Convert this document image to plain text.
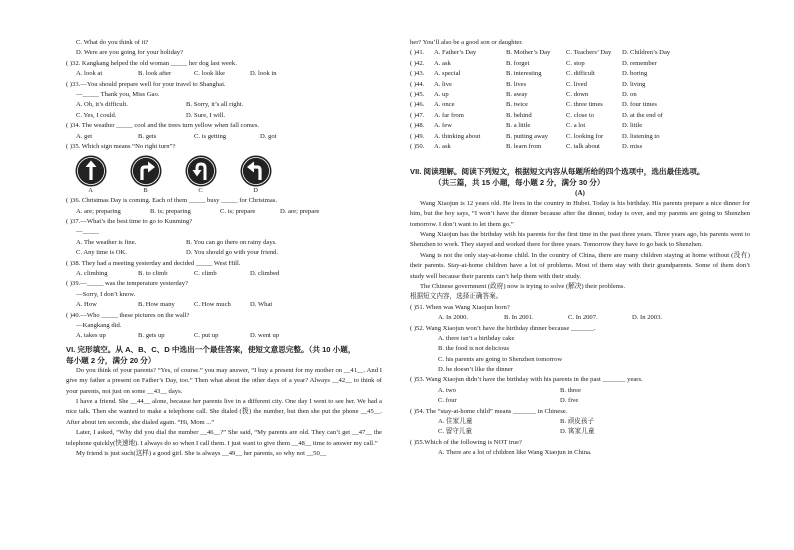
C. What do you think of it?
D. Were are you going for your holiday?
( )32. Kangkang helped the old woman _____ her dog last week.
A. look at	B. look after	C. look like	D. look in
( )33.—You should prepare well for your travel to Shanghai.
—_____ Thank you, Miss Gao.
A. Oh, it’s difficult.	B. Sorry, it’s all right.
C. Yes, I could.	D. Sure, I will.
( )34. The weather _____ cool and the trees turn yellow when fall comes.
A. get	B. gets	C. is getting	D. got
( )35. Which sign means “No right turn”?
A	B	C	D
( )36. Christmas Day is coming. Each of them _____ busy _____ for Christmas.
A. are; preparing	B. is; preparing	C. is; prepare	D. are; prepare
( )37.—What’s the best time to go to Kunming?
—_____
A. The weather is fine.	B. You can go there on rainy days.
C. Any time is OK.	D. You should go with your friend.
( )38. They had a meeting yesterday and decided _____ West Hill.
A. climbing	B. to climb	C. climb	D. climbed
( )39.—_____ was the temperature yesterday?
—Sorry, I don’t know.
A. How	B. How many	C. How much	D. What
( )40.—Who _____ these pictures on the wall?
—Kangkang did.
A. takes up	B. gets up	C. put up	D. went up
VI. 完形填空。从 A、B、C、D 中选出一个最佳答案，使短文意思完整。（共 10 小题，
每小题 2 分，满分 20 分）
Do you think of your parents? “Yes, of course.” you may answer, “I buy a present for my mother on __41__. And I give my father a present on Father’s Day, too.” Then what about the other days of a year? Always __42__ to think of your parents, not just on some __43__ days.
I have a friend. She __44__ alone, because her parents live in a different city. One day I went to see her. We had a nice talk. Then she wanted to make a telephone call. She dialed (拨) the number, but then she put the phone __45__. After about ten seconds, she dialed again. “Hi, Mom ...”
Later, I asked, “Why did you dial the number __46__?” She said, “My parents are old. They can’t get __47__ the telephone quickly(快速地). I always do so when I call them. I just want to give them __48__ time to answer my call.”
My friend is just such(这样) a good girl. She is always __49__ her parents, so why not __50__
her? You’ll also be a good son or daughter.
( )41. A. Father’s Day	B. Mother’s Day C. Teachers’ Day D. Children’s Day
( )42. A. ask	B. forget	C. stop	D. remember
( )43. A. special	B. interesting	C. difficult	D. boring
( )44. A. live	B. lives	C. lived	D. living
( )45. A. up	B. away	C. down	D. on
( )46. A. once	B. twice	C. three times	D. four times
( )47. A. far from	B. behind	C. close to	D. at the end of
( )48. A. few	B. a little	C. a lot	D. little
( )49. A. thinking about	B. putting away	C. looking for	D. listening to
( )50. A. ask	B. learn from	C. talk about	D. miss
VII. 阅读理解。阅读下列短文，根据短文内容从每题所给的四个选项中，选出最佳选项。
（共三篇，共 15 小题，每小题 2 分，满分 30 分）
(A)
Wang Xiaojun is 12 years old. He lives in the country in Hubei. Today is his birthday. His parents prepare a nice dinner for him, but the boy says, “I won’t have the dinner because after the dinner, today is over, and my parents are going to Shenzhen tomorrow. I don’t want to let them go.”
Wang Xiaojun has the birthday with his parents for the first time in the past three years. Three years ago, his parents went to Shenzhen to work. They stayed and worked there for three years. Tomorrow they have to go back to Shenzhen.
Wang is not the only stay-at-home child. In the country of China, there are many children staying at home without (没有) their parents. Stay-at-home children have a lot of problems. Most of them stay with their grandparents. Some of them don’t study well because their parents can’t help them with their study.
The Chinese government (政府) now is trying to solve (解决) their problems.
根据短文内容，选择正确答案。
( )51. When was Wang Xiaojun born?
A. In 2000.	B. In 2001.	C. In 2007.	D. In 2003.
( )52. Wang Xiaojun won’t have the birthday dinner because _______.
A. there isn’t a birthday cake
B. the food is not delicious
C. his parents are going to Shenzhen tomorrow
D. he doesn’t like the dinner
( )53. Wang Xiaojun didn’t have the birthday with his parents in the past _______ years.
A. two	B. three
C. four	D. five
( )54. The “stay-at-home child” means _______ in Chinese.
A. 住家儿童	B. 顽皮孩子
C. 留守儿童	D. 寓家儿童
( )55.Which of the following is NOT true?
A. There are a lot of children like Wang Xiaojun in China.
